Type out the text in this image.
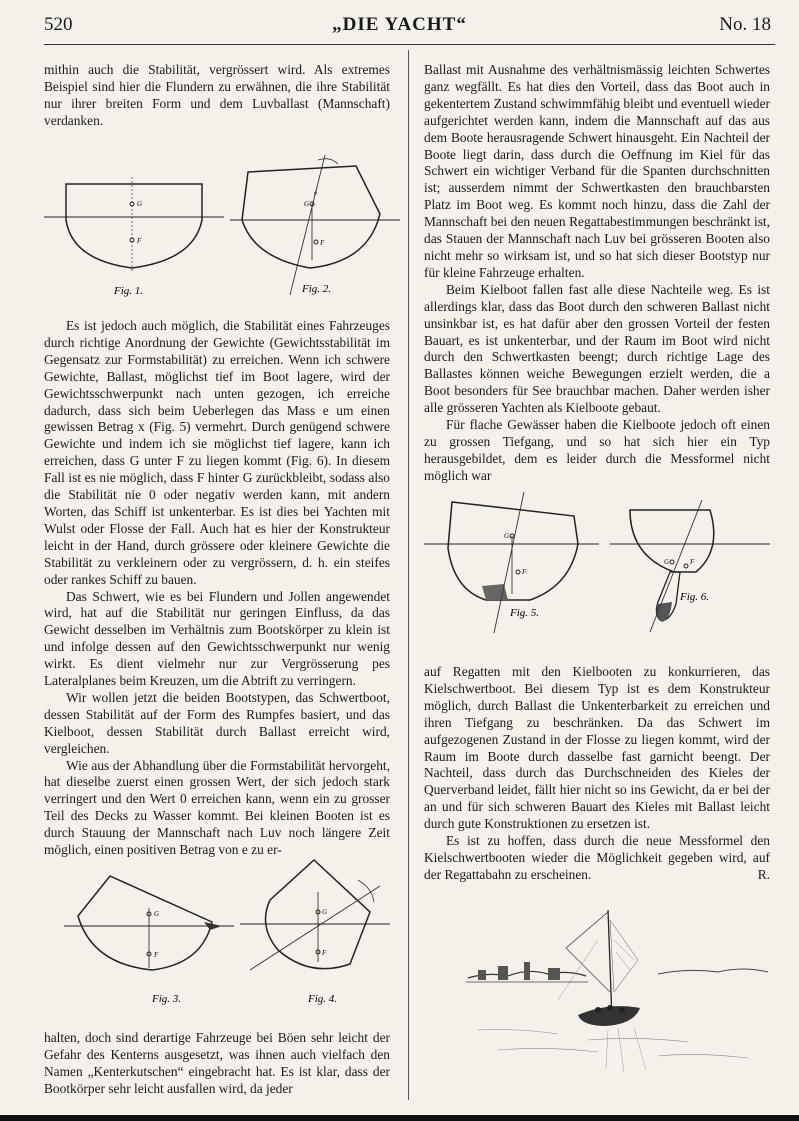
520	„DIE YACHT“	No. 18

mithin auch die Stabilität, vergrössert wird. Als extremes Beispiel sind hier die Flundern zu erwähnen, die ihre Stabilität nur ihrer breiten Form und dem Luvballast (Mannschaft) verdanken.

G
F
Fig. 1.
G
F
e
Fig. 2.

Es ist jedoch auch möglich, die Stabilität eines Fahrzeuges durch richtige Anordnung der Gewichte (Gewichtsstabilität im Gegensatz zur Formstabilität) zu erreichen. Wenn ich schwere Gewichte, Ballast, möglichst tief im Boot lagere, wird der Gewichtsschwerpunkt nach unten gezogen, ich erreiche dadurch, dass sich beim Ueberlegen das Mass e um einen gewissen Betrag x (Fig. 5) vermehrt. Durch genügend schwere Gewichte und indem ich sie möglichst tief lagere, kann ich erreichen, dass G unter F zu liegen kommt (Fig. 6). In diesem Fall ist es nie möglich, dass F hinter G zurückbleibt, sodass also die Stabilität nie 0 oder negativ werden kann, mit andern Worten, das Schiff ist unkenterbar. Es ist dies bei Yachten mit Wulst oder Flosse der Fall. Auch hat es hier der Konstrukteur leicht in der Hand, durch grössere oder kleinere Gewichte die Stabilität zu verkleinern oder zu vergrössern, d. h. ein steifes oder rankes Schiff zu bauen.

Das Schwert, wie es bei Flundern und Jollen angewendet wird, hat auf die Stabilität nur geringen Einfluss, da das Gewicht desselben im Verhältnis zum Bootskörper zu klein ist und infolge dessen auf den Gewichtsschwerpunkt nur wenig wirkt. Es dient vielmehr nur zur Vergrösserung pes Lateralplanes beim Kreuzen, um die Abtrift zu verringern.

Wir wollen jetzt die beiden Bootstypen, das Schwertboot, dessen Stabilität auf der Form des Rumpfes basiert, und das Kielboot, dessen Stabilität durch Ballast erreicht wird, vergleichen.

Wie aus der Abhandlung über die Formstabilität hervorgeht, hat dieselbe zuerst einen grossen Wert, der sich jedoch stark verringert und den Wert 0 erreichen kann, wenn ein zu grosser Teil des Decks zu Wasser kommt. Bei kleinen Booten ist es durch Stauung der Mannschaft nach Luv noch längere Zeit möglich, einen positiven Betrag von e zu er-

G
F
Fig. 3.
G
F
Fig. 4.

halten, doch sind derartige Fahrzeuge bei Böen sehr leicht der Gefahr des Kenterns ausgesetzt, was ihnen auch vielfach den Namen „Kenterkutschen“ eingebracht hat. Es ist klar, dass der Bootkörper sehr leicht ausfallen wird, da jeder

Ballast mit Ausnahme des verhältnismässig leichten Schwertes ganz wegfällt. Es hat dies den Vorteil, dass das Boot auch in gekentertem Zustand schwimmfähig bleibt und eventuell wieder aufgerichtet werden kann, indem die Mannschaft auf das aus dem Boote herausragende Schwert hinausgeht. Ein Nachteil der Boote liegt darin, dass durch die Oeffnung im Kiel für das Schwert ein wichtiger Verband für die Spanten durchschnitten ist; ausserdem nimmt der Schwertkasten den brauchbarsten Platz im Boot weg. Es kommt noch hinzu, dass die Zahl der Mannschaft bei den neuen Regattabestimmungen beschränkt ist, das Stauen der Mannschaft nach Luv bei grösseren Booten also nicht mehr so wirksam ist, und so hat sich dieser Bootstyp nur für kleine Fahrzeuge erhalten.

Beim Kielboot fallen fast alle diese Nachteile weg. Es ist allerdings klar, dass das Boot durch den schweren Ballast nicht unsinkbar ist, es hat dafür aber den grossen Vorteil der festen Bauart, es ist unkenterbar, und der Raum im Boot wird nicht durch den Schwertkasten beengt; durch richtige Lage des Ballastes können weiche Bewegungen erzielt werden, die a Boot besonders für See brauchbar machen. Daher werden isher alle grösseren Yachten als Kielboote gebaut.

Für flache Gewässer haben die Kielboote jedoch oft einen zu grossen Tiefgang, und so hat sich hier ein Typ herausgebildet, dem es leider durch die Messformel nicht möglich war

G
F
Fig. 5.
G	F
Fig. 6.

auf Regatten mit den Kielbooten zu konkurrieren, das Kielschwertboot. Bei diesem Typ ist es dem Konstrukteur möglich, durch Ballast die Unkenterbarkeit zu erreichen und ihren Tiefgang zu beschränken. Da das Schwert im aufgezogenen Zustand in der Flosse zu liegen kommt, wird der Raum im Boote durch dasselbe fast garnicht beengt. Der Nachteil, dass durch das Durchschneiden des Kieles der Querverband leidet, fällt hier nicht so ins Gewicht, da er bei der an und für sich schweren Bauart des Kieles mit Ballast leicht durch gute Konstruktionen zu ersetzen ist.

Es ist zu hoffen, dass durch die neue Messformel den Kielschwertbooten wieder die Möglichkeit gegeben wird, auf der Regattabahn zu erscheinen.	R.
